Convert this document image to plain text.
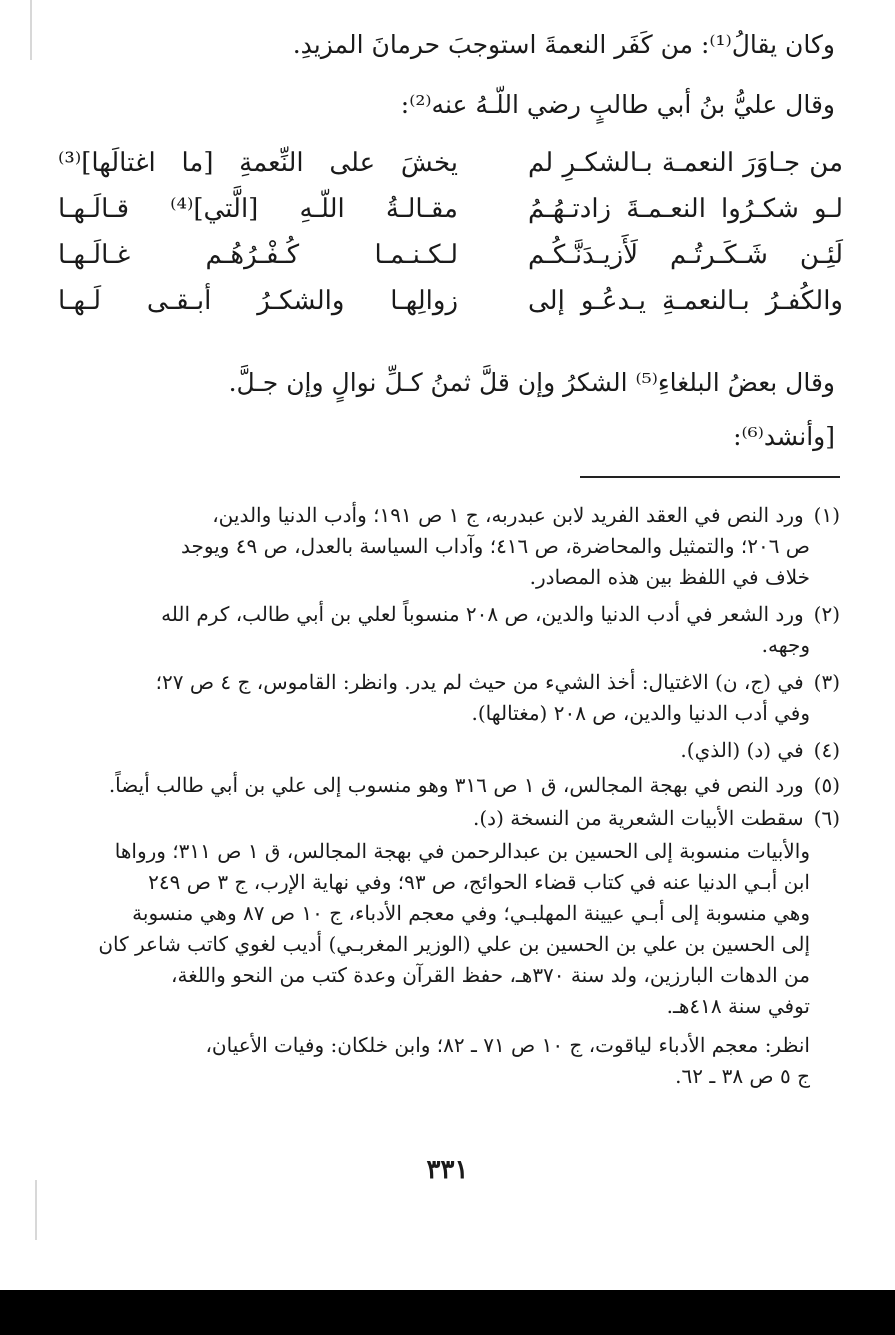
وكان يقالُ⁽¹⁾: من كَفَر النعمةَ استوجبَ حرمانَ المزيدِ.
وقال عليُّ بنُ أبي طالبٍ رضي اللّـهُ عنه⁽²⁾:
من جـاوَرَ النعمـة بـالشكـرِ لم
يخشَ على النِّعمةِ [ما اغتالَها]⁽³⁾
لـو شكـرُوا النعـمـةَ زادتـهُـمُ
مقـالـةُ اللّـهِ [الَّتي]⁽⁴⁾ قـالَـهـا
لَئِـن شَـكَـرتُـم لَأَزيـدَنَّـكُـم
لـكـنـمـا كُـفْـرُهُـم غـالَـهـا
والكُفـرُ بـالنعمـةِ يـدعُـو إلى
زوالِهـا والشكـرُ أبـقـى لَـهـا
وقال بعضُ البلغاءِ⁽⁵⁾ الشكرُ وإن قلَّ ثمنُ كـلِّ نوالٍ وإن جـلَّ.
[وأنشد⁽⁶⁾:
(١) ورد النص في العقد الفريد لابن عبدربه، ج ١ ص ١٩١؛ وأدب الدنيا والدين،
ص ٢٠٦؛ والتمثيل والمحاضرة، ص ٤١٦؛ وآداب السياسة بالعدل، ص ٤٩ ويوجد
خلاف في اللفظ بين هذه المصادر.
(٢) ورد الشعر في أدب الدنيا والدين، ص ٢٠٨ منسوباً لعلي بن أبي طالب، كرم الله
وجهه.
(٣) في (ج، ن) الاغتيال: أخذ الشيء من حيث لم يدر. وانظر: القاموس، ج ٤ ص ٢٧؛
وفي أدب الدنيا والدين، ص ٢٠٨ (مغتالها).
(٤) في (د) (الذي).
(٥) ورد النص في بهجة المجالس، ق ١ ص ٣١٦ وهو منسوب إلى علي بن أبي طالب أيضاً.
(٦) سقطت الأبيات الشعرية من النسخة (د).
والأبيات منسوبة إلى الحسين بن عبدالرحمن في بهجة المجالس، ق ١ ص ٣١١؛ ورواها
ابن أبـي الدنيا عنه في كتاب قضاء الحوائج، ص ٩٣؛ وفي نهاية الإرب، ج ٣ ص ٢٤٩
وهي منسوبة إلى أبـي عيينة المهلبـي؛ وفي معجم الأدباء، ج ١٠ ص ٨٧ وهي منسوبة
إلى الحسين بن علي بن الحسين بن علي (الوزير المغربـي) أديب لغوي كاتب شاعر كان
من الدهات البارزين، ولد سنة ٣٧٠هـ، حفظ القرآن وعدة كتب من النحو واللغة،
توفي سنة ٤١٨هـ.
انظر: معجم الأدباء لياقوت، ج ١٠ ص ٧١ ـ ٨٢؛ وابن خلكان: وفيات الأعيان،
ج ٥ ص ٣٨ ـ ٦٢.
٣٣١
